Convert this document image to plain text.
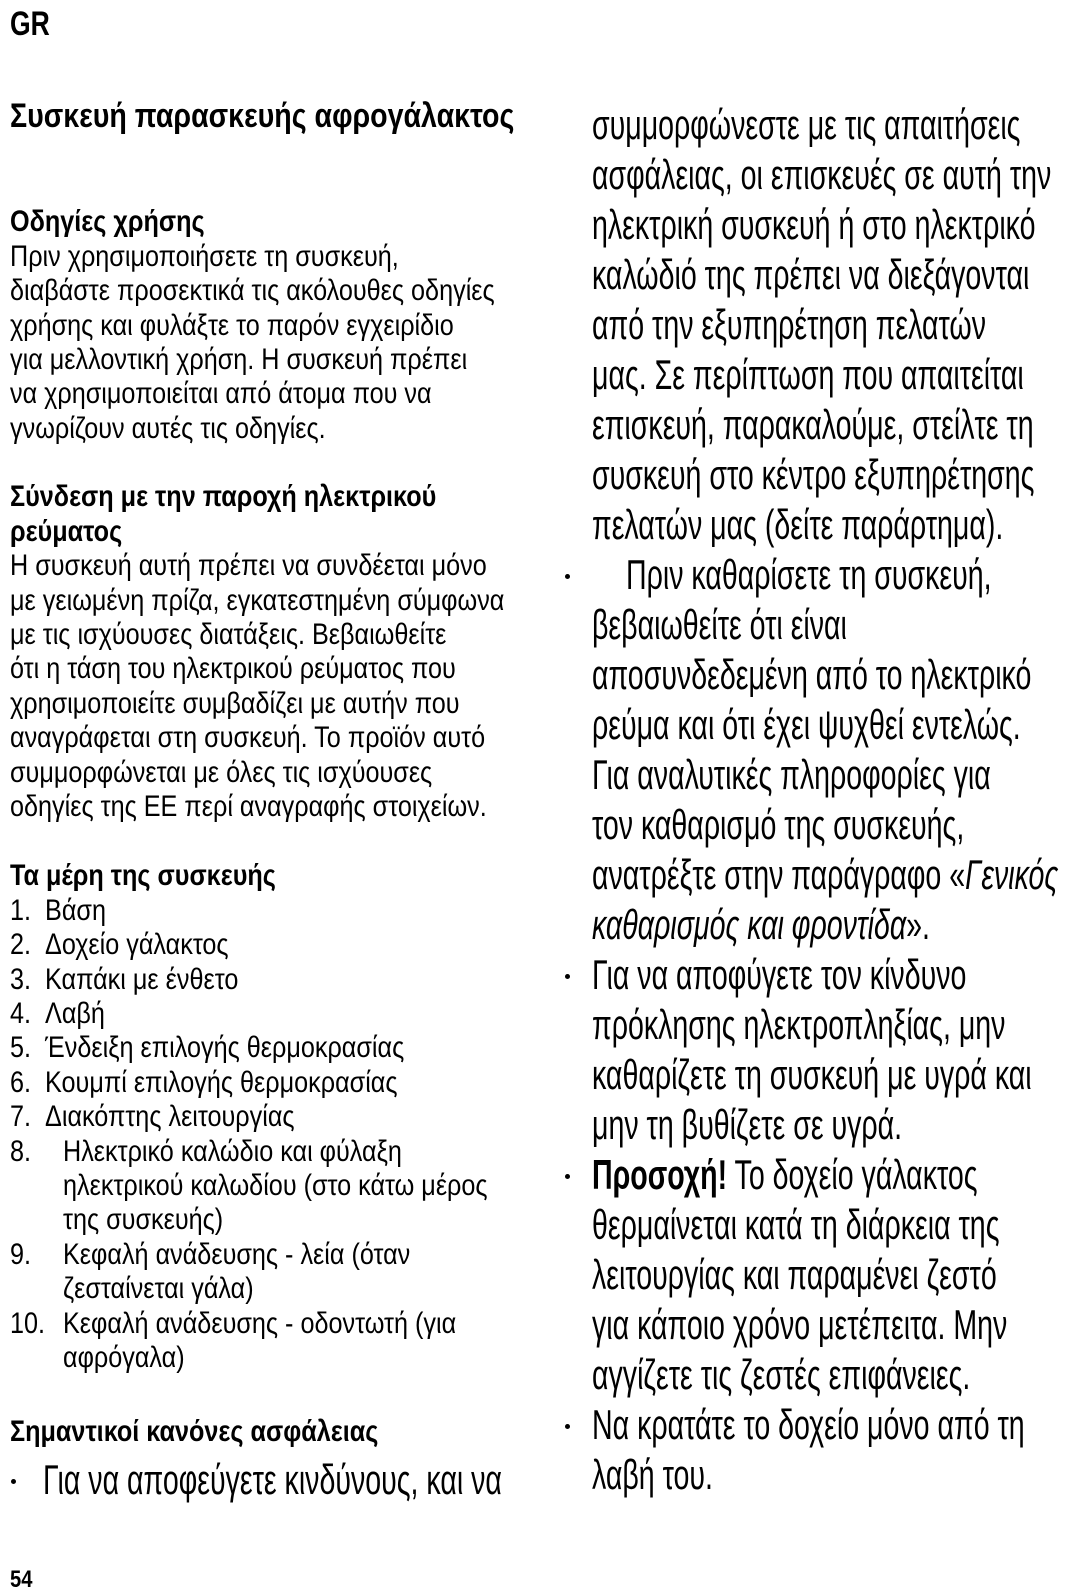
GR
Συσκευή παρασκευής αφρογάλακτος
Οδηγίες χρήσης
Πριν χρησιμοποιήσετε τη συσκευή,
διαβάστε προσεκτικά τις ακόλουθες οδηγίες
χρήσης και φυλάξτε το παρόν εγχειρίδιο
για μελλοντική χρήση. Η συσκευή πρέπει
να χρησιμοποιείται από άτομα που να
γνωρίζουν αυτές τις οδηγίες.
Σύνδεση με την παροχή ηλεκτρικού
ρεύματος
Η συσκευή αυτή πρέπει να συνδέεται μόνο
με γειωμένη πρίζα, εγκατεστημένη σύμφωνα
με τις ισχύουσες διατάξεις. Βεβαιωθείτε
ότι η τάση του ηλεκτρικού ρεύματος που
χρησιμοποιείτε συμβαδίζει με αυτήν που
αναγράφεται στη συσκευή. Το προϊόν αυτό
συμμορφώνεται με όλες τις ισχύουσες
οδηγίες της ΕΕ περί αναγραφής στοιχείων.
Τα μέρη της συσκευής
1. Βάση
2. Δοχείο γάλακτος
3. Καπάκι με ένθετο
4. Λαβή
5. Ένδειξη επιλογής θερμοκρασίας
6. Κουμπί επιλογής θερμοκρασίας
7. Διακόπτης λειτουργίας
8.	Ηλεκτρικό καλώδιο και φύλαξη
ηλεκτρικού καλωδίου (στο κάτω μέρος
της συσκευής)
9.	Κεφαλή ανάδευσης - λεία (όταν
ζεσταίνεται γάλα)
10. Κεφαλή ανάδευσης - οδοντωτή (για
αφρόγαλα)
Σημαντικοί κανόνες ασφάλειας
Για να αποφεύγετε κινδύνους, και να
συμμορφώνεστε με τις απαιτήσεις
ασφάλειας, οι επισκευές σε αυτή την
ηλεκτρική συσκευή ή στο ηλεκτρικό
καλώδιό της πρέπει να διεξάγονται
από την εξυπηρέτηση πελατών
μας. Σε περίπτωση που απαιτείται
επισκευή, παρακαλούμε, στείλτε τη
συσκευή στο κέντρο εξυπηρέτησης
πελατών μας (δείτε παράρτημα).
Πριν καθαρίσετε τη συσκευή,
βεβαιωθείτε ότι είναι
αποσυνδεδεμένη από το ηλεκτρικό
ρεύμα και ότι έχει ψυχθεί εντελώς.
Για αναλυτικές πληροφορίες για
τον καθαρισμό της συσκευής,
ανατρέξτε στην παράγραφο «Γενικός
καθαρισμός και φροντίδα».
Για να αποφύγετε τον κίνδυνο
πρόκλησης ηλεκτροπληξίας, μην
καθαρίζετε τη συσκευή με υγρά και
μην τη βυθίζετε σε υγρά.
Προσοχή! Το δοχείο γάλακτος
θερμαίνεται κατά τη διάρκεια της
λειτουργίας και παραμένει ζεστό
για κάποιο χρόνο μετέπειτα. Μην
αγγίζετε τις ζεστές επιφάνειες.
Να κρατάτε το δοχείο μόνο από τη
λαβή του.
54
